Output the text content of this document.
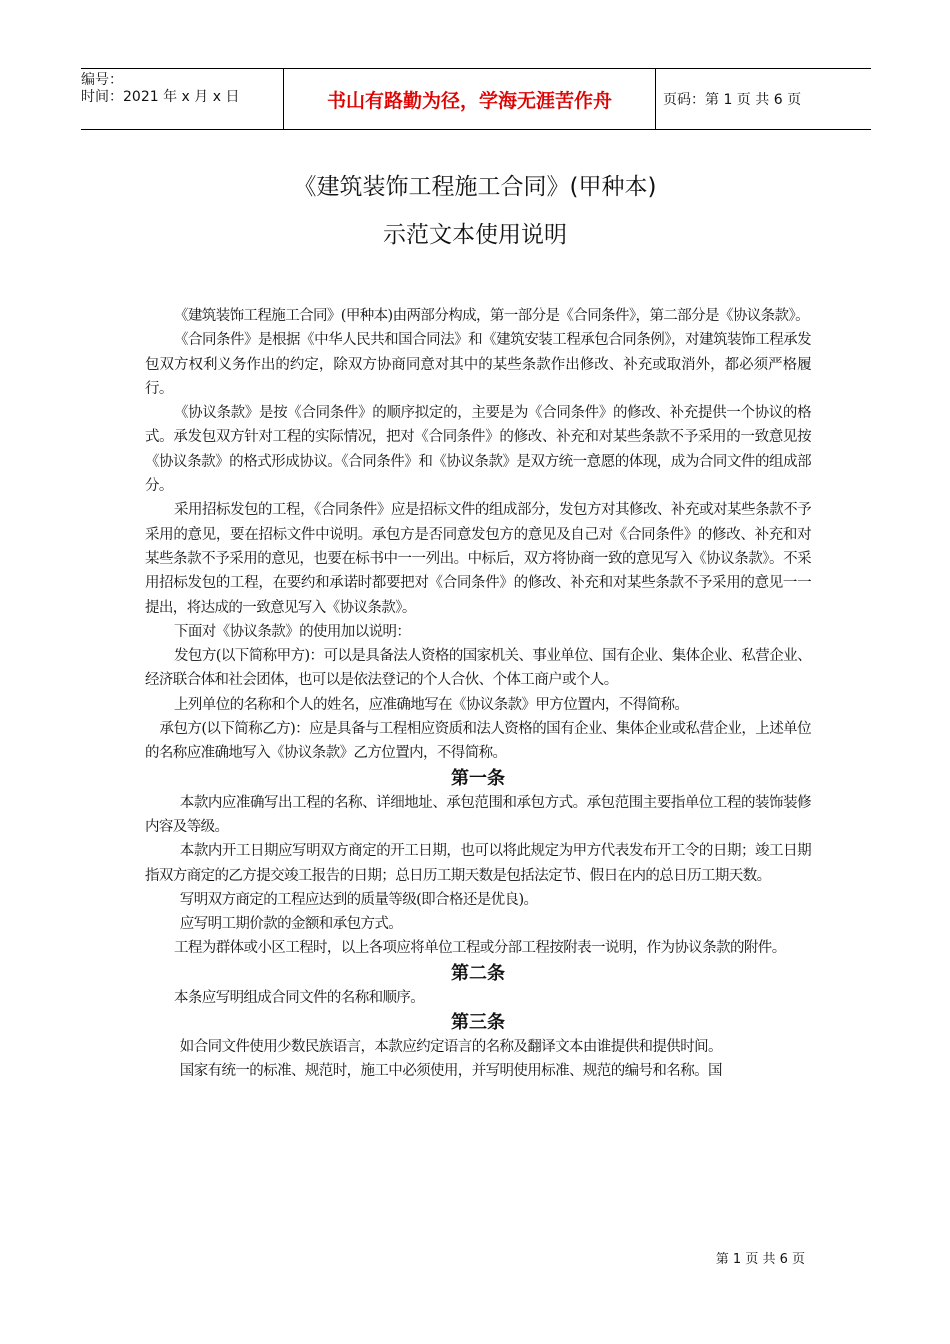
编号：
时间：2021 年 x 月 x 日	书山有路勤为径，学海无涯苦作舟	页码：第 1 页 共 6 页
《建筑装饰工程施工合同》(甲种本)
示范文本使用说明

《建筑装饰工程施工合同》(甲种本)由两部分构成，第一部分是《合同条件》，第二部分是《协议条款》。

《合同条件》是根据《中华人民共和国合同法》和《建筑安装工程承包合同条例》，对建筑装饰工程承发包双方权利义务作出的约定，除双方协商同意对其中的某些条款作出修改、补充或取消外，都必须严格履行。

《协议条款》是按《合同条件》的顺序拟定的，主要是为《合同条件》的修改、补充提供一个协议的格式。承发包双方针对工程的实际情况，把对《合同条件》的修改、补充和对某些条款不予采用的一致意见按《协议条款》的格式形成协议。《合同条件》和《协议条款》是双方统一意愿的体现，成为合同文件的组成部分。

采用招标发包的工程，《合同条件》应是招标文件的组成部分，发包方对其修改、补充或对某些条款不予采用的意见，要在招标文件中说明。承包方是否同意发包方的意见及自己对《合同条件》的修改、补充和对某些条款不予采用的意见，也要在标书中一一列出。中标后，双方将协商一致的意见写入《协议条款》。不采用招标发包的工程，在要约和承诺时都要把对《合同条件》的修改、补充和对某些条款不予采用的意见一一提出，将达成的一致意见写入《协议条款》。

下面对《协议条款》的使用加以说明：

发包方(以下简称甲方)：可以是具备法人资格的国家机关、事业单位、国有企业、集体企业、私营企业、经济联合体和社会团体，也可以是依法登记的个人合伙、个体工商户或个人。

上列单位的名称和个人的姓名，应准确地写在《协议条款》甲方位置内，不得简称。

承包方(以下简称乙方)：应是具备与工程相应资质和法人资格的国有企业、集体企业或私营企业，上述单位的名称应准确地写入《协议条款》乙方位置内，不得简称。

第一条

本款内应准确写出工程的名称、详细地址、承包范围和承包方式。承包范围主要指单位工程的装饰装修内容及等级。

本款内开工日期应写明双方商定的开工日期，也可以将此规定为甲方代表发布开工令的日期；竣工日期指双方商定的乙方提交竣工报告的日期；总日历工期天数是包括法定节、假日在内的总日历工期天数。

写明双方商定的工程应达到的质量等级(即合格还是优良)。

应写明工期价款的金额和承包方式。

工程为群体或小区工程时，以上各项应将单位工程或分部工程按附表一说明，作为协议条款的附件。

第二条

本条应写明组成合同文件的名称和顺序。

第三条

如合同文件使用少数民族语言，本款应约定语言的名称及翻译文本由谁提供和提供时间。

国家有统一的标准、规范时，施工中必须使用，并写明使用标准、规范的编号和名称。国

第 1 页 共 6 页
